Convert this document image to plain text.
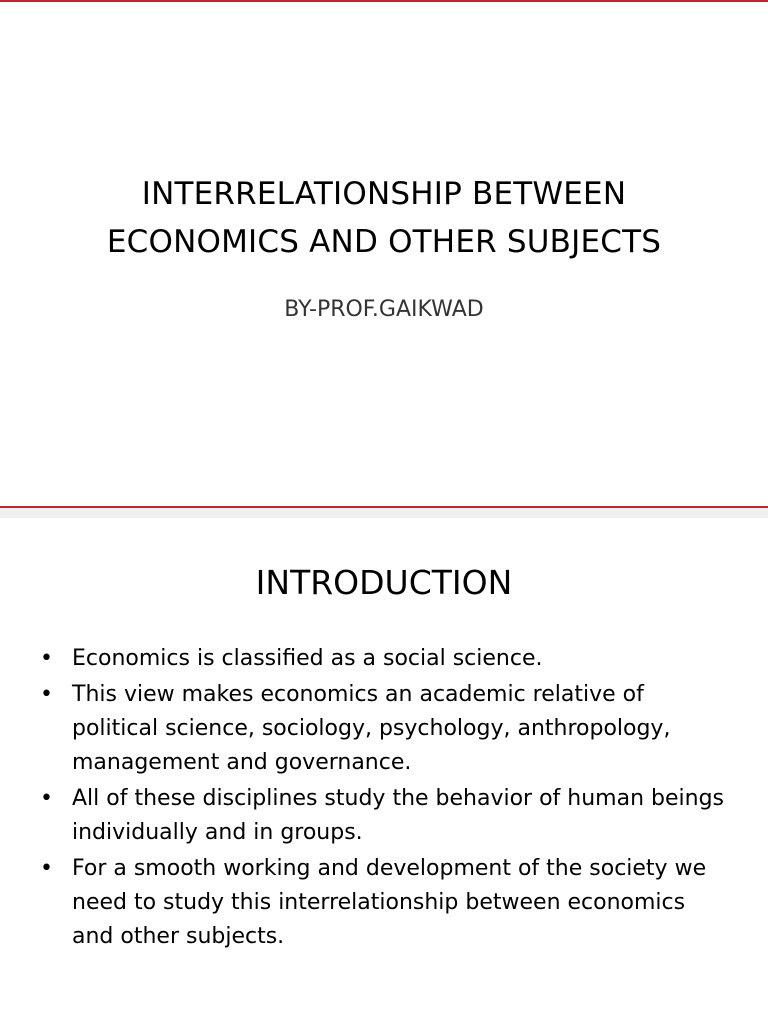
INTERRELATIONSHIP BETWEEN
ECONOMICS AND OTHER SUBJECTS

BY-PROF.GAIKWAD

INTRODUCTION
• Economics is classified as a social science.
• This view makes economics an academic relative of political science, sociology, psychology, anthropology, management and governance.
• All of these disciplines study the behavior of human beings individually and in groups.
• For a smooth working and development of the society we need to study this interrelationship between economics and other subjects.
